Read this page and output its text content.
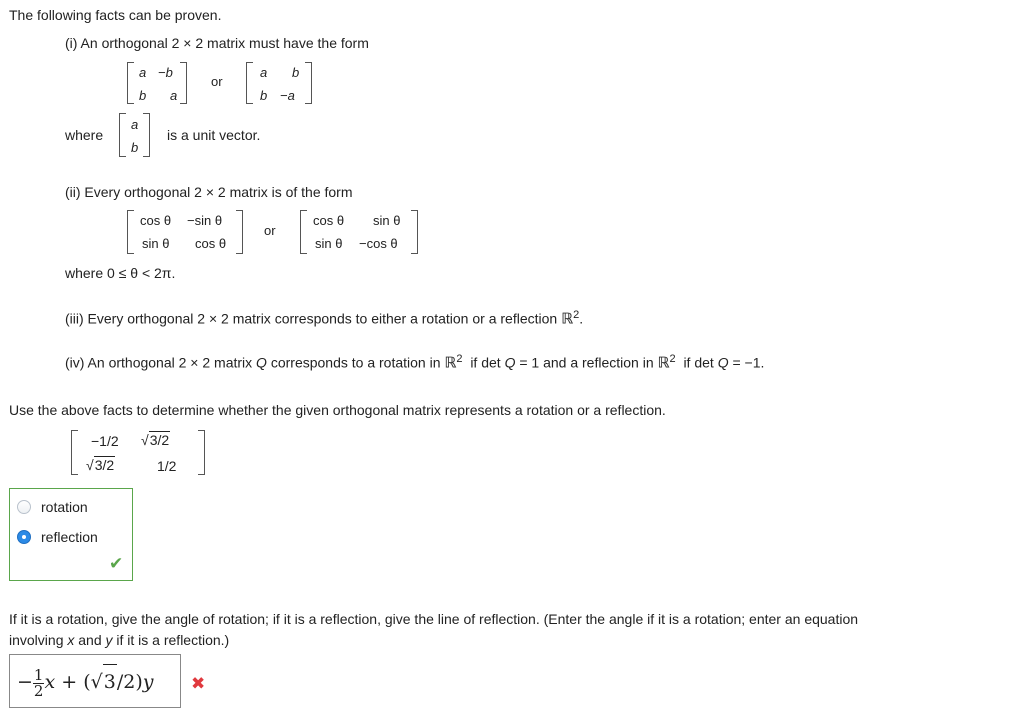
The following facts can be proven.
(i) An orthogonal 2 × 2 matrix must have the form
a −b
b a
or
a b
b −a
where
a
b
is a unit vector.
(ii) Every orthogonal 2 × 2 matrix is of the form
cos θ −sin θ
sin θ cos θ
or
cos θ sin θ
sin θ −cos θ
where 0 ≤ θ < 2π.
(iii) Every orthogonal 2 × 2 matrix corresponds to either a rotation or a reflection ℝ$^2$.
(iv) An orthogonal 2 × 2 matrix Q corresponds to a rotation in ℝ$^2$ if det Q = 1 and a reflection in ℝ$^2$ if det Q = −1.
Use the above facts to determine whether the given orthogonal matrix represents a rotation or a reflection.
−1/2 √3/2
√3/2	1/2
rotation
reflection
✔
If it is a rotation, give the angle of rotation; if it is a reflection, give the line of reflection. (Enter the angle if it is a rotation; enter an equation
involving x and y if it is a reflection.)
− $\frac{1}{2}$ x + (√3/2)y ✖
